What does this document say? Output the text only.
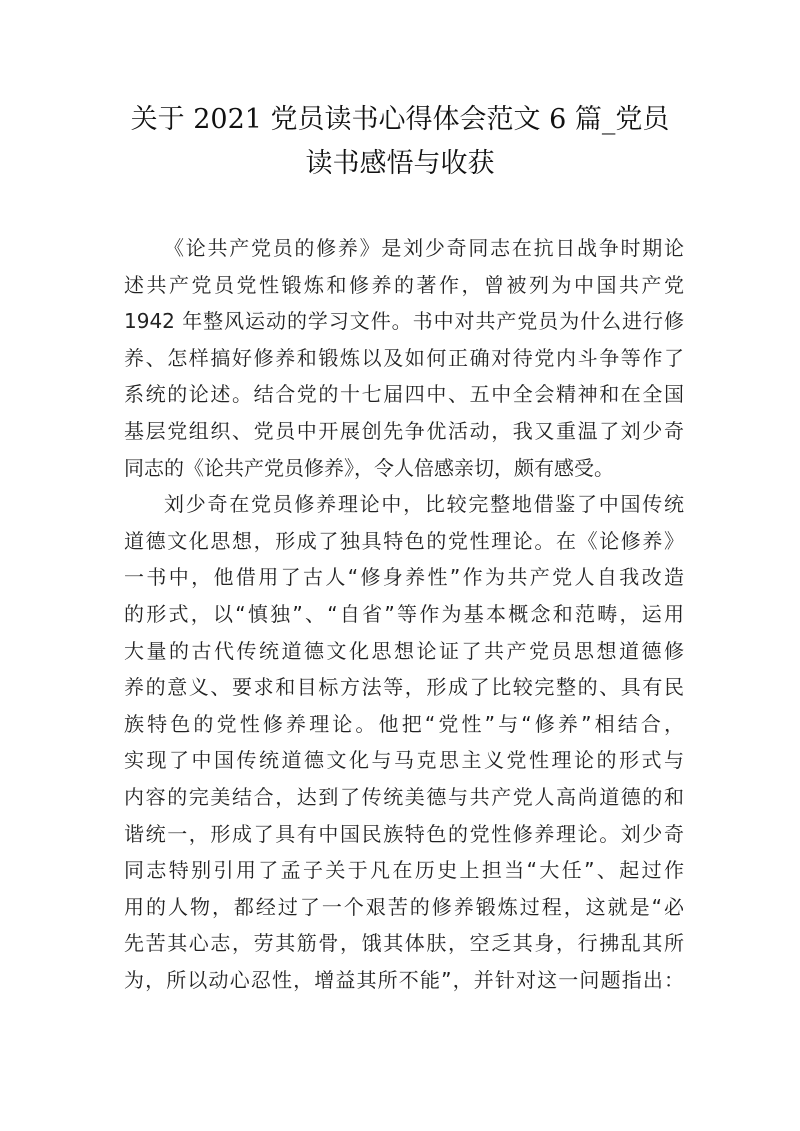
关于 2021 党员读书心得体会范文 6 篇_党员
读书感悟与收获
《论共产党员的修养》是刘少奇同志在抗日战争时期论
述共产党员党性锻炼和修养的著作，曾被列为中国共产党
1942 年整风运动的学习文件。书中对共产党员为什么进行修
养、怎样搞好修养和锻炼以及如何正确对待党内斗争等作了
系统的论述。结合党的十七届四中、五中全会精神和在全国
基层党组织、党员中开展创先争优活动，我又重温了刘少奇
同志的《论共产党员修养》，令人倍感亲切，颇有感受。
刘少奇在党员修养理论中，比较完整地借鉴了中国传统
道德文化思想，形成了独具特色的党性理论。在《论修养》
一书中，他借用了古人“修身养性”作为共产党人自我改造
的形式，以“慎独”、“自省”等作为基本概念和范畴，运用
大量的古代传统道德文化思想论证了共产党员思想道德修
养的意义、要求和目标方法等，形成了比较完整的、具有民
族特色的党性修养理论。他把“党性”与“修养”相结合，
实现了中国传统道德文化与马克思主义党性理论的形式与
内容的完美结合，达到了传统美德与共产党人高尚道德的和
谐统一，形成了具有中国民族特色的党性修养理论。刘少奇
同志特别引用了孟子关于凡在历史上担当“大任”、起过作
用的人物，都经过了一个艰苦的修养锻炼过程，这就是“必
先苦其心志，劳其筋骨，饿其体肤，空乏其身，行拂乱其所
为，所以动心忍性，增益其所不能”，并针对这一问题指出：
